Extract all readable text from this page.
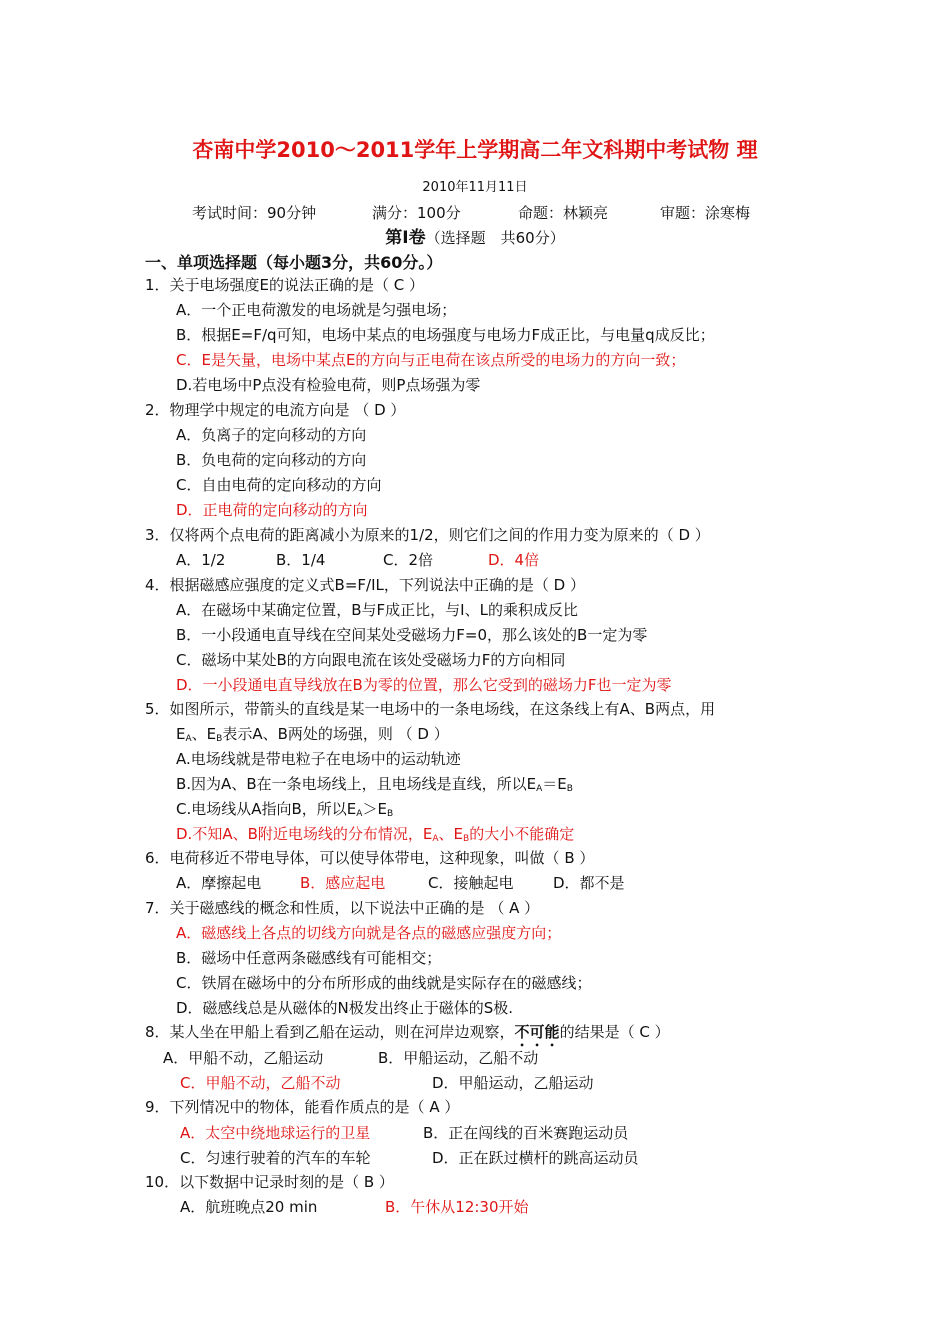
杏南中学2010～2011学年上学期高二年文科期中考试物 理
2010年11月11日
考试时间：90分钟	满分：100分	命题：林颖亮	审题：涂寒梅
第Ⅰ卷（选择题　共60分）
一、单项选择题（每小题3分，共60分。）
1．关于电场强度E的说法正确的是（ C ）
A．一个正电荷激发的电场就是匀强电场；
B．根据E=F/q可知，电场中某点的电场强度与电场力F成正比，与电量q成反比；
C．E是矢量，电场中某点E的方向与正电荷在该点所受的电场力的方向一致；
D.若电场中P点没有检验电荷，则P点场强为零
2．物理学中规定的电流方向是 （ D ）
A．负离子的定向移动的方向
B．负电荷的定向移动的方向
C．自由电荷的定向移动的方向
D．正电荷的定向移动的方向
3．仅将两个点电荷的距离减小为原来的1/2，则它们之间的作用力变为原来的（ D ）
A．1/2	B．1/4	C．2倍	D．4倍
4．根据磁感应强度的定义式B=F/IL，下列说法中正确的是（ D ）
A．在磁场中某确定位置，B与F成正比，与I、L的乘积成反比
B．一小段通电直导线在空间某处受磁场力F=0，那么该处的B一定为零
C．磁场中某处B的方向跟电流在该处受磁场力F的方向相同
D．一小段通电直导线放在B为零的位置，那么它受到的磁场力F也一定为零
5．如图所示，带箭头的直线是某一电场中的一条电场线，在这条线上有A、B两点，用
$E_A$、$E_B$表示A、B两处的场强，则 （ D ）
A.电场线就是带电粒子在电场中的运动轨迹
B.因为A、B在一条电场线上，且电场线是直线，所以$E_A=E_B$
C.电场线从A指向B，所以$E_A>E_B$
D.不知A、B附近电场线的分布情况，$E_A$、$E_B$的大小不能确定
6．电荷移近不带电导体，可以使导体带电，这种现象，叫做（ B ）
A．摩擦起电	B．感应起电	C．接触起电	D．都不是
7．关于磁感线的概念和性质，以下说法中正确的是 （ A ）
A．磁感线上各点的切线方向就是各点的磁感应强度方向；
B．磁场中任意两条磁感线有可能相交；
C．铁屑在磁场中的分布所形成的曲线就是实际存在的磁感线；
D．磁感线总是从磁体的N极发出终止于磁体的S极.
8．某人坐在甲船上看到乙船在运动，则在河岸边观察，不可能的结果是（ C ）
A．甲船不动，乙船运动	B．甲船运动，乙船不动
C．甲船不动，乙船不动	D．甲船运动，乙船运动
9．下列情况中的物体，能看作质点的是（ A ）
A．太空中绕地球运行的卫星	B．正在闯线的百米赛跑运动员
C．匀速行驶着的汽车的车轮	D．正在跃过横杆的跳高运动员
10．以下数据中记录时刻的是（ B ）
A．航班晚点20 min	B．午休从12:30开始
